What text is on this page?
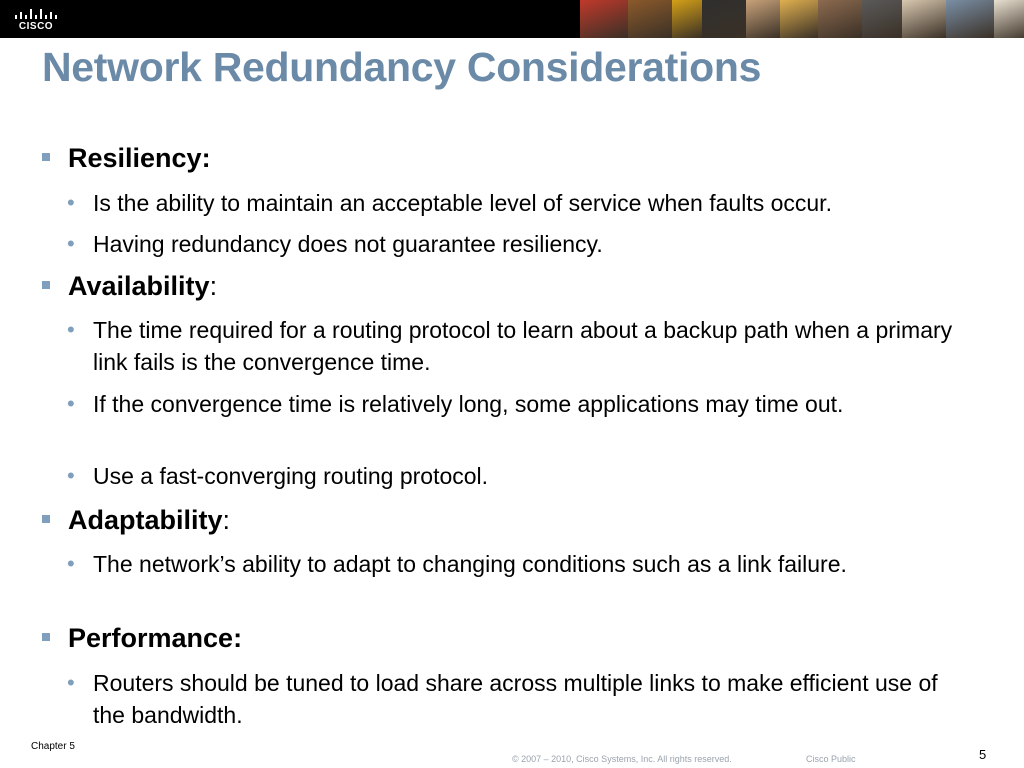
CISCO
Network Redundancy Considerations
Resiliency:
• Is the ability to maintain an acceptable level of service when faults occur.
• Having redundancy does not guarantee resiliency.
Availability:
• The time required for a routing protocol to learn about a backup path when a primary link fails is the convergence time.
• If the convergence time is relatively long, some applications may time out.
• Use a fast-converging routing protocol.
Adaptability:
• The network’s ability to adapt to changing conditions such as a link failure.
Performance:
• Routers should be tuned to load share across multiple links to make efficient use of the bandwidth.
Chapter 5
© 2007 – 2010, Cisco Systems, Inc. All rights reserved.	Cisco Public	5
